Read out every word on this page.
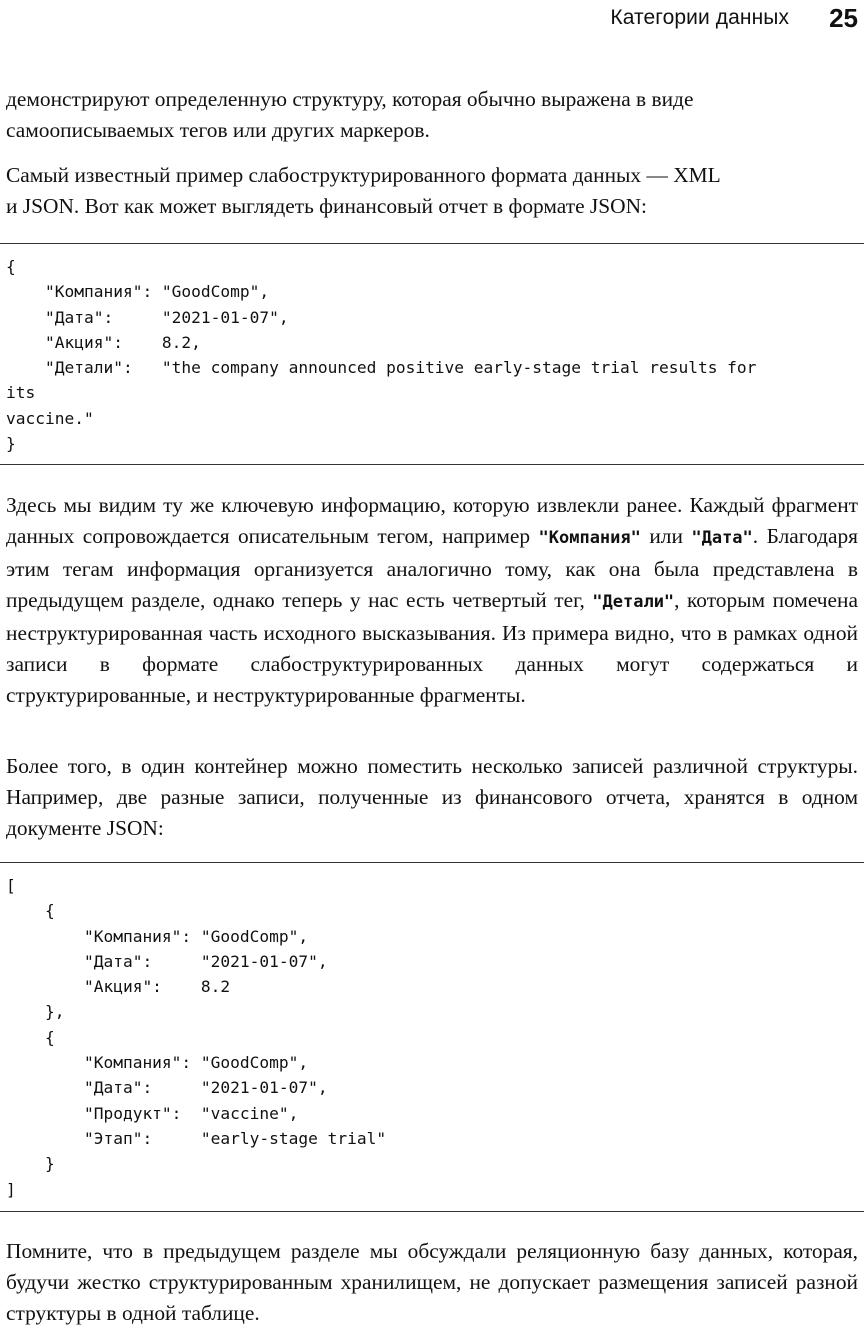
Категории данных 25

демонстрируют определенную структуру, которая обычно выражена в виде
самоописываемых тегов или других маркеров.

Самый известный пример слабоструктурированного формата данных — XML
и JSON. Вот как может выглядеть финансовый отчет в формате JSON:

{
"Компания": "GoodComp",
"Дата":     "2021-01-07",
"Акция":    8.2,
"Детали":   "the company announced positive early-stage trial results for
its
vaccine."
}

Здесь мы видим ту же ключевую информацию, которую извлекли ранее. Каждый фрагмент данных сопровождается описательным тегом, например "Компания" или "Дата". Благодаря этим тегам информация организуется аналогично тому, как она была представлена в предыдущем разделе, однако теперь у нас есть четвертый тег, "Детали", которым помечена неструктурированная часть исходного высказывания. Из примера видно, что в рамках одной записи в формате слабоструктурированных данных могут содержаться и структурированные, и неструктурированные фрагменты.

Более того, в один контейнер можно поместить несколько записей различной структуры. Например, две разные записи, полученные из финансового отчета, хранятся в одном документе JSON:

[
{
"Компания": "GoodComp",
"Дата":     "2021-01-07",
"Акция":    8.2
},
{
"Компания": "GoodComp",
"Дата":     "2021-01-07",
"Продукт":  "vaccine",
"Этап":     "early-stage trial"
}
]

Помните, что в предыдущем разделе мы обсуждали реляционную базу данных, которая, будучи жестко структурированным хранилищем, не допускает размещения записей разной структуры в одной таблице.
